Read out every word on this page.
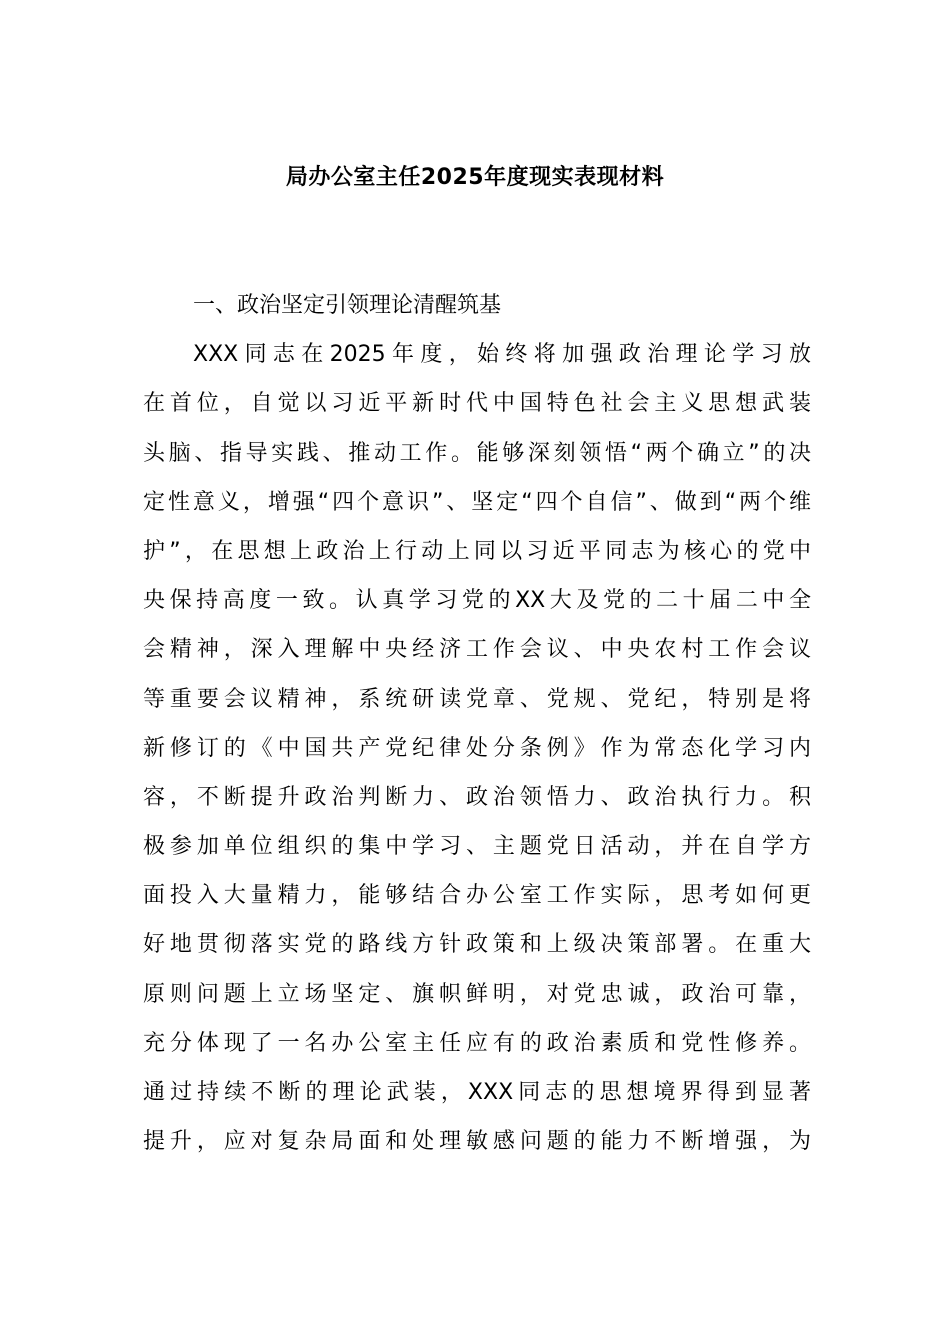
局办公室主任2025年度现实表现材料
一、政治坚定引领理论清醒筑基
XXX同志在2025年度，始终将加强政治理论学习放
在首位，自觉以习近平新时代中国特色社会主义思想武装
头脑、指导实践、推动工作。能够深刻领悟“两个确立”的决
定性意义，增强“四个意识”、坚定“四个自信”、做到“两个维
护”，在思想上政治上行动上同以习近平同志为核心的党中
央保持高度一致。认真学习党的XX大及党的二十届二中全
会精神，深入理解中央经济工作会议、中央农村工作会议
等重要会议精神，系统研读党章、党规、党纪，特别是将
新修订的《中国共产党纪律处分条例》作为常态化学习内
容，不断提升政治判断力、政治领悟力、政治执行力。积
极参加单位组织的集中学习、主题党日活动，并在自学方
面投入大量精力，能够结合办公室工作实际，思考如何更
好地贯彻落实党的路线方针政策和上级决策部署。在重大
原则问题上立场坚定、旗帜鲜明，对党忠诚，政治可靠，
充分体现了一名办公室主任应有的政治素质和党性修养。
通过持续不断的理论武装，XXX同志的思想境界得到显著
提升，应对复杂局面和处理敏感问题的能力不断增强，为
